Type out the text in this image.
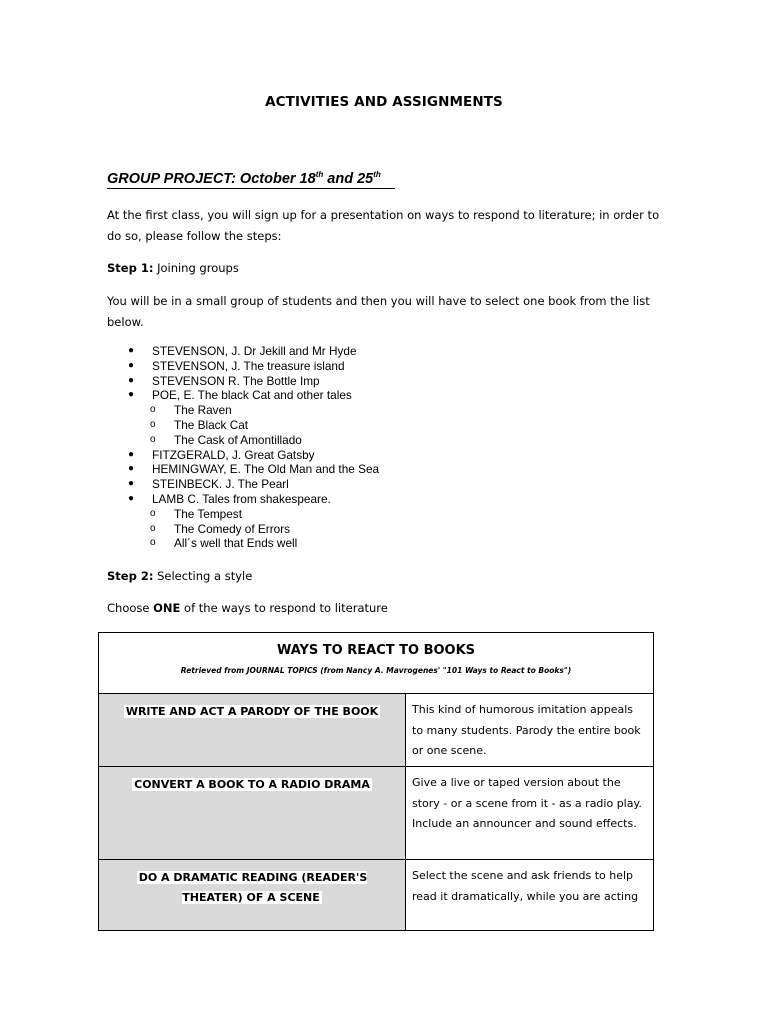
ACTIVITIES AND ASSIGNMENTS
GROUP PROJECT: October 18th and 25th
At the first class, you will sign up for a presentation on ways to respond to literature; in order to do so, please follow the steps:
Step 1: Joining groups
You will be in a small group of students and then you will have to select one book from the list below.
● STEVENSON, J. Dr Jekill and Mr Hyde
● STEVENSON, J. The treasure island
● STEVENSON R. The Bottle Imp
● POE, E. The black Cat and other tales
o The Raven
o The Black Cat
o The Cask of Amontillado
● FITZGERALD, J. Great Gatsby
● HEMINGWAY, E. The Old Man and the Sea
● STEINBECK. J. The Pearl
● LAMB C. Tales from shakespeare.
o The Tempest
o The Comedy of Errors
o All´s well that Ends well
Step 2: Selecting a style
Choose ONE of the ways to respond to literature
WAYS TO REACT TO BOOKS
Retrieved from JOURNAL TOPICS (from Nancy A. Mavrogenes' "101 Ways to React to Books")	

WRITE AND ACT A PARODY OF THE BOOK	This kind of humorous imitation appeals to many students. Parody the entire book or one scene.
CONVERT A BOOK TO A RADIO DRAMA	Give a live or taped version about the story - or a scene from it - as a radio play. Include an announcer and sound effects.
DO A DRAMATIC READING (READER'S THEATER) OF A SCENE	Select the scene and ask friends to help read it dramatically, while you are acting
